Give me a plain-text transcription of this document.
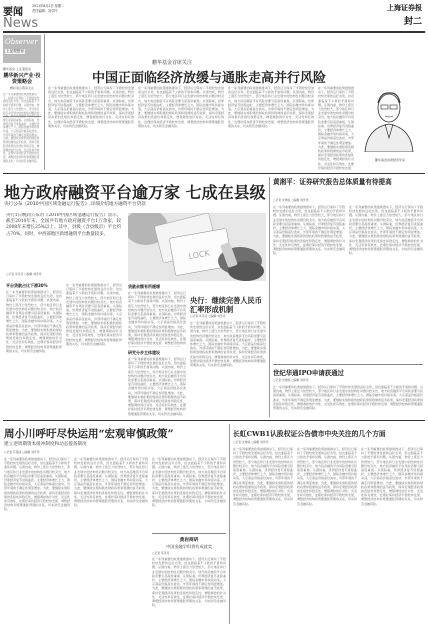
要闻
2011年8月2日 星期二
责任编辑：刘学玲
News
上海证券报
封二
Observer
上证观察家
鹏华基金·上证观察家
鹏华新兴产业·投资策略会
精彩观点敬请关注
在一系列重要的政策措施推动下，经济运行保持了平稳较快发展的良好态势，但也面临着不少新的矛盾和问题。从国内看，物价上涨压力依然较大，部分地区和行业发展中的结构性问题仍较突出，地方政府融资平台风险需要引起高度重视。从国际看，世界经济复苏进程曲折，主要经济体增长乏力，国际金融市场持续动荡，大宗商品价格高位波动，外部环境的不确定性明显增加。为此，要继续实施积极的财政政策和稳健的货币政策，保持宏观经济政策的连续性和稳定性，增强调控的针对性、灵活性和有效性，处理好保持经济平稳较快发展、调整经济结构和管理通胀预期的关系，切实防范金融风险。
鹏华基金首席关注
中国正面临经济放缓与通胀走高并行风险
在一系列重要的政策措施推动下，经济运行保持了平稳较快发展的良好态势，但也面临着不少新的矛盾和问题。从国内看，物价上涨压力依然较大，部分地区和行业发展中的结构性问题仍较突出，地方政府融资平台风险需要引起高度重视。从国际看，世界经济复苏进程曲折，主要经济体增长乏力，国际金融市场持续动荡，大宗商品价格高位波动，外部环境的不确定性明显增加。为此，要继续实施积极的财政政策和稳健的货币政策，保持宏观经济政策的连续性和稳定性，增强调控的针对性、灵活性和有效性，处理好保持经济平稳较快发展、调整经济结构和管理通胀预期的关系，切实防范金融风险。
在一系列重要的政策措施推动下，经济运行保持了平稳较快发展的良好态势，但也面临着不少新的矛盾和问题。从国内看，物价上涨压力依然较大，部分地区和行业发展中的结构性问题仍较突出，地方政府融资平台风险需要引起高度重视。从国际看，世界经济复苏进程曲折，主要经济体增长乏力，国际金融市场持续动荡，大宗商品价格高位波动，外部环境的不确定性明显增加。为此，要继续实施积极的财政政策和稳健的货币政策，保持宏观经济政策的连续性和稳定性，增强调控的针对性、灵活性和有效性，处理好保持经济平稳较快发展、调整经济结构和管理通胀预期的关系，切实防范金融风险。
在一系列重要的政策措施推动下，经济运行保持了平稳较快发展的良好态势，但也面临着不少新的矛盾和问题。从国内看，物价上涨压力依然较大，部分地区和行业发展中的结构性问题仍较突出，地方政府融资平台风险需要引起高度重视。从国际看，世界经济复苏进程曲折，主要经济体增长乏力，国际金融市场持续动荡，大宗商品价格高位波动，外部环境的不确定性明显增加。为此，要继续实施积极的财政政策和稳健的货币政策，保持宏观经济政策的连续性和稳定性，增强调控的针对性、灵活性和有效性，处理好保持经济平稳较快发展、调整经济结构和管理通胀预期的关系，切实防范金融风险。
在一系列重要的政策措施推动下，经济运行保持了平稳较快发展的良好态势，但也面临着不少新的矛盾和问题。从国内看，物价上涨压力依然较大，部分地区和行业发展中的结构性问题仍较突出，地方政府融资平台风险需要引起高度重视。从国际看，世界经济复苏进程曲折，主要经济体增长乏力，国际金融市场持续动荡，大宗商品价格高位波动，外部环境的不确定性明显增加。为此，要继续实施积极的财政政策和稳健的货币政策，保持宏观经济政策的连续性和稳定性，增强调控的针对性、灵活性和有效性，处理好保持经济平稳较快发展、
鹏华基金首席经济学家
地方政府融资平台逾万家 七成在县级
央行公布《2010中国区域金融运行报告》,详细介绍地方融资平台贷款
央行1日晚间公布的《2010中国区域金融运行报告》显示，截至2010年末，全国共有地方政府融资平台1万余家，较2008年末增长25%以上。其中，县级（含县级市）平台约占70%。同时，中西部地区新增融资平台数量较多。
○记者 李丹丹 ○编辑 刘学玲
LOCK
平台贷款占比下滑30%
在一系列重要的政策措施推动下，经济运行保持了平稳较快发展的良好态势，但也面临着不少新的矛盾和问题。从国内看，物价上涨压力依然较大，部分地区和行业发展中的结构性问题仍较突出，地方政府融资平台风险需要引起高度重视。从国际看，世界经济复苏进程曲折，主要经济体增长乏力，国际金融市场持续动荡，大宗商品价格高位波动，外部环境的不确定性明显增加。为此，要继续实施积极的财政政策和稳健的货币政策，保持宏观经济政策的连续性和稳定性，增强调控的针对性、灵活性和有效性，处理好保持经济平稳较快发展、调整经济结构和管理通胀预期的关系，切实防范金融风险。
在一系列重要的政策措施推动下，经济运行保持了平稳较快发展的良好态势，但也面临着不少新的矛盾和问题。从国内看，物价上涨压力依然较大，部分地区和行业发展中的结构性问题仍较突出，地方政府融资平台风险需要引起高度重视。从国际看，世界经济复苏进程曲折，主要经济体增长乏力，国际金融市场持续动荡，大宗商品价格高位波动，外部环境的不确定性明显增加。为此，要继续实施积极的财政政策和稳健的货币政策，保持宏观经济政策的连续性和稳定性，增强调控的针对性、灵活性和有效性，处理好保持经济平稳较快发展、调整经济结构和管理通胀预期的关系，切实防范金融风险。
贷款余额有所缓增
在一系列重要的政策措施推动下，经济运行保持了平稳较快发展的良好态势，但也面临着不少新的矛盾和问题。从国内看，物价上涨压力依然较大，部分地区和行业发展中的结构性问题仍较突出，地方政府融资平台风险需要引起高度重视。从国际看，世界经济复苏进程曲折，主要经济体增长乏力，国际金融市场持续动荡，大宗商品价格高位波动，外部环境的不确定性明显增加。为此，要继续实施积极的财政政策和稳健的货币政策，保持宏观经济政策的连续性和稳定性，增强调控的针对性、灵活性和有效性，处理好保持经济平稳较快发展、调整经济结构和
研究分步主体建设
在一系列重要的政策措施推动下，经济运行保持了平稳较快发展的良好态势，但也面临着不少新的矛盾和问题。从国内看，物价上涨压力依然较大，部分地区和行业发展中的结构性问题仍较突出，地方政府融资平台风险需要引起高度重视。从国际看，世界经济复苏进程曲折，主要经济体增长乏力，国际金融市场持续动荡，大宗商品价格高位波动，外部环境的不确定性明显增加。为此，要继续实施积极的财政政策和稳健的货币政策，保持宏观经济政策的连续性和稳定性，增强调控的针对性、灵活性和有效性，处理好保持经济平稳较快发展、调整经济结构和管理通胀预期的关系，切实防范金融风险。
央行：继续完善人民币汇率形成机制
○记者 李丹丹 ○编辑 刘学玲
在一系列重要的政策措施推动下，经济运行保持了平稳较快发展的良好态势，但也面临着不少新的矛盾和问题。从国内看，物价上涨压力依然较大，部分地区和行业发展中的结构性问题仍较突出，地方政府融资平台风险需要引起高度重视。从国际看，世界经济复苏进程曲折，主要经济体增长乏力，国际金融市场持续动荡，大宗商品价格高位波动，外部环境的不确定性明显增加。为此，要继续实施积极的财政政策和稳健的货币政策，保持宏观经济政策的连续性和稳定性，增强调控的针对性、灵活性和有效性，处理好保持经济平稳较快发展、调整经济结构和管理通胀预期的关系，切实防范金融风险。
黄湘平：证券研究报告总体质量有待提高
○记者 朱增权 ○编辑 刘学玲
在一系列重要的政策措施推动下，经济运行保持了平稳较快发展的良好态势，但也面临着不少新的矛盾和问题。从国内看，物价上涨压力依然较大，部分地区和行业发展中的结构性问题仍较突出，地方政府融资平台风险需要引起高度重视。从国际看，世界经济复苏进程曲折，主要经济体增长乏力，国际金融市场持续动荡，大宗商品价格高位波动，外部环境的不确定性明显增加。为此，要继续实施积极的财政政策和稳健的货币政策，保持宏观经济政策的连续性和稳定性，增强调控的针对性、灵活性和有效性，处理好保持经济平稳较快发展、调整经济结构和管理通胀预期的关系，切实防范金融风险。
在一系列重要的政策措施推动下，经济运行保持了平稳较快发展的良好态势，但也面临着不少新的矛盾和问题。从国内看，物价上涨压力依然较大，部分地区和行业发展中的结构性问题仍较突出，地方政府融资平台风险需要引起高度重视。从国际看，世界经济复苏进程曲折，主要经济体增长乏力，国际金融市场持续动荡，大宗商品价格高位波动，外部环境的不确定性明显增加。为此，要继续实施积极的财政政策和稳健的货币政策，保持宏观经济政策的连续性和稳定性，增强调控的针对性、灵活性和有效性，处理好保持经济平稳较快发展、调整经济结构和管理通胀预期的关系，切实防范金融风险。
世纪华通IPO申请获通过
○记者 朱增权 ○编辑 刘学玲
在一系列重要的政策措施推动下，经济运行保持了平稳较快发展的良好态势，但也面临着不少新的矛盾和问题。从国内看，物价上涨压力依然较大，部分地区和行业发展中的结构性问题仍较突出，地方政府融资平台风险需要引起高度重视。从国际看，世界经济复苏进程曲折，主要经济体增长乏力，国际金融市场持续动荡，大宗商品价格高位波动，外部环境的不确定性明显增加。为此，要继续实施积极的财政政策和稳健的货币政策，保持宏观经济政策的连续性和稳定性，增强调控的针对性、灵活性和有效性，处理好保持经济平稳较快发展、调整经济结构和管理通胀预期的关系，切实防范金融风险。
周小川呼吁尽快运用“宏观审慎政策”
建立逆周期资本缓冲制度和动态拨备制度
○记者 苏曼丽 ○编辑 刘学玲
在一系列重要的政策措施推动下，经济运行保持了平稳较快发展的良好态势，但也面临着不少新的矛盾和问题。从国内看，物价上涨压力依然较大，部分地区和行业发展中的结构性问题仍较突出，地方政府融资平台风险需要引起高度重视。从国际看，世界经济复苏进程曲折，主要经济体增长乏力，国际金融市场持续动荡，大宗商品价格高位波动，外部环境的不确定性明显增加。为此，要继续实施积极的财政政策和稳健的货币政策，保持宏观经济政策的连续性和稳定性，增强调控的针对性、灵活性和有效性，处理好保持经济平稳较快发展、调整经济结构和管理通胀预期的关系，切实防范金融风险。
在一系列重要的政策措施推动下，经济运行保持了平稳较快发展的良好态势，但也面临着不少新的矛盾和问题。从国内看，物价上涨压力依然较大，部分地区和行业发展中的结构性问题仍较突出，地方政府融资平台风险需要引起高度重视。从国际看，世界经济复苏进程曲折，主要经济体增长乏力，国际金融市场持续动荡，大宗商品价格高位波动，外部环境的不确定性明显增加。为此，要继续实施积极的财政政策和稳健的货币政策，保持宏观经济政策的连续性和稳定性，增强调控的针对性、灵活性和有效性，处理好保持经济平稳较快发展、调整经济结构和管理通胀预期的关系，切实防范金融风险。
在一系列重要的政策措施推动下，经济运行保持了平稳较快发展的良好态势，但也面临着不少新的矛盾和问题。从国内看，物价上涨压力依然较大，部分地区和行业发展中的结构性问题仍较突出，地方政府融资平台风险需要引起高度重视。从国际看，世界经济复苏进程曲折，主要经济体增长乏力，国际金融市场持续动荡，大宗商品价格高位波动，外部环境的不确定性明显增加。为此，要继续实施积极的财政政策和稳健的货币政策，保持宏观经济政策的连续性和稳定性，增强调控的针对性、灵活性和有效性，处理好保持经济平稳较快发展、调整经济结构和管理通胀预期的关系，切实防范金融风险。
黄岩商研
中国金融学科将有成就奖
○记者 李丹丹
在一系列重要的政策措施推动下，经济运行保持了平稳较快发展的良好态势，但也面临着不少新的矛盾和问题。从国内看，物价上涨压力依然较大，部分地区和行业发展中的结构性问题仍较突出，地方政府融资平台风险需要引起高度重视。从国际看，世界经济复苏进程曲折，主要经济体增长乏力，国际金融市场持续动荡，大宗商品价格高位波动，外部环境的不确定性明显增加。为此，要继续实施积极的财政政策和稳健的货币政策，保持宏观经济政策的连续性和稳定性，增强调控的针对性、灵活性和有效性，处理好保持经济平稳较快发展、调整经济结构和管理通胀预期的关系，切实防范金融风险。
长虹CWB1认股权证公告债市中央关注的几个方面
○记者 朱增权 ○编辑 刘学玲
在一系列重要的政策措施推动下，经济运行保持了平稳较快发展的良好态势，但也面临着不少新的矛盾和问题。从国内看，物价上涨压力依然较大，部分地区和行业发展中的结构性问题仍较突出，地方政府融资平台风险需要引起高度重视。从国际看，世界经济复苏进程曲折，主要经济体增长乏力，国际金融市场持续动荡，大宗商品价格高位波动，外部环境的不确定性明显增加。为此，要继续实施积极的财政政策和稳健的货币政策，保持宏观经济政策的连续性和稳定性，增强调控的针对性、灵活性和有效性，处理好保持经济平稳较快发展、调整经济结构和管理通胀预期的关系，切实防范金融风险。
在一系列重要的政策措施推动下，经济运行保持了平稳较快发展的良好态势，但也面临着不少新的矛盾和问题。从国内看，物价上涨压力依然较大，部分地区和行业发展中的结构性问题仍较突出，地方政府融资平台风险需要引起高度重视。从国际看，世界经济复苏进程曲折，主要经济体增长乏力，国际金融市场持续动荡，大宗商品价格高位波动，外部环境的不确定性明显增加。为此，要继续实施积极的财政政策和稳健的货币政策，保持宏观经济政策的连续性和稳定性，增强调控的针对性、灵活性和有效性，处理好保持经济平稳较快发展、调整经济结构和管理通胀预期的关系，切实防范金融风险。
在一系列重要的政策措施推动下，经济运行保持了平稳较快发展的良好态势，但也面临着不少新的矛盾和问题。从国内看，物价上涨压力依然较大，部分地区和行业发展中的结构性问题仍较突出，地方政府融资平台风险需要引起高度重视。从国际看，世界经济复苏进程曲折，主要经济体增长乏力，国际金融市场持续动荡，大宗商品价格高位波动，外部环境的不确定性明显增加。为此，要继续实施积极的财政政策和稳健的货币政策，保持宏观经济政策的连续性和稳定性，增强调控的针对性、灵活性和有效性，处理好保持经济平稳较快发展、调整经济结构和管理通胀预期的关系，切实防范金融风险。
